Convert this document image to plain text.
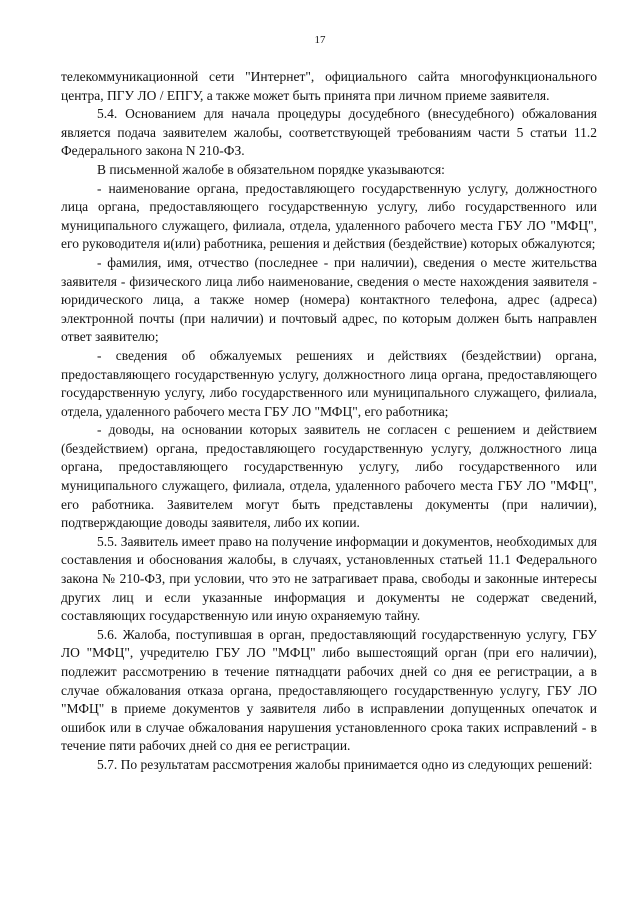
17

телекоммуникационной сети "Интернет", официального сайта многофункционального центра, ПГУ ЛО / ЕПГУ, а также может быть принята при личном приеме заявителя.

5.4. Основанием для начала процедуры досудебного (внесудебного) обжалования является подача заявителем жалобы, соответствующей требованиям части 5 статьи 11.2 Федерального закона N 210-ФЗ.

В письменной жалобе в обязательном порядке указываются:

- наименование органа, предоставляющего государственную услугу, должностного лица органа, предоставляющего государственную услугу, либо государственного или муниципального служащего, филиала, отдела, удаленного рабочего места ГБУ ЛО "МФЦ", его руководителя и(или) работника, решения и действия (бездействие) которых обжалуются;

- фамилия, имя, отчество (последнее - при наличии), сведения о месте жительства заявителя - физического лица либо наименование, сведения о месте нахождения заявителя - юридического лица, а также номер (номера) контактного телефона, адрес (адреса) электронной почты (при наличии) и почтовый адрес, по которым должен быть направлен ответ заявителю;

- сведения об обжалуемых решениях и действиях (бездействии) органа, предоставляющего государственную услугу, должностного лица органа, предоставляющего государственную услугу, либо государственного или муниципального служащего, филиала, отдела, удаленного рабочего места ГБУ ЛО "МФЦ", его работника;

- доводы, на основании которых заявитель не согласен с решением и действием (бездействием) органа, предоставляющего государственную услугу, должностного лица органа, предоставляющего государственную услугу, либо государственного или муниципального служащего, филиала, отдела, удаленного рабочего места ГБУ ЛО "МФЦ", его работника. Заявителем могут быть представлены документы (при наличии), подтверждающие доводы заявителя, либо их копии.

5.5. Заявитель имеет право на получение информации и документов, необходимых для составления и обоснования жалобы, в случаях, установленных статьей 11.1 Федерального закона № 210-ФЗ, при условии, что это не затрагивает права, свободы и законные интересы других лиц и если указанные информация и документы не содержат сведений, составляющих государственную или иную охраняемую тайну.

5.6. Жалоба, поступившая в орган, предоставляющий государственную услугу, ГБУ ЛО "МФЦ", учредителю ГБУ ЛО "МФЦ" либо вышестоящий орган (при его наличии), подлежит рассмотрению в течение пятнадцати рабочих дней со дня ее регистрации, а в случае обжалования отказа органа, предоставляющего государственную услугу, ГБУ ЛО "МФЦ" в приеме документов у заявителя либо в исправлении допущенных опечаток и ошибок или в случае обжалования нарушения установленного срока таких исправлений - в течение пяти рабочих дней со дня ее регистрации.

5.7. По результатам рассмотрения жалобы принимается одно из следующих решений:
